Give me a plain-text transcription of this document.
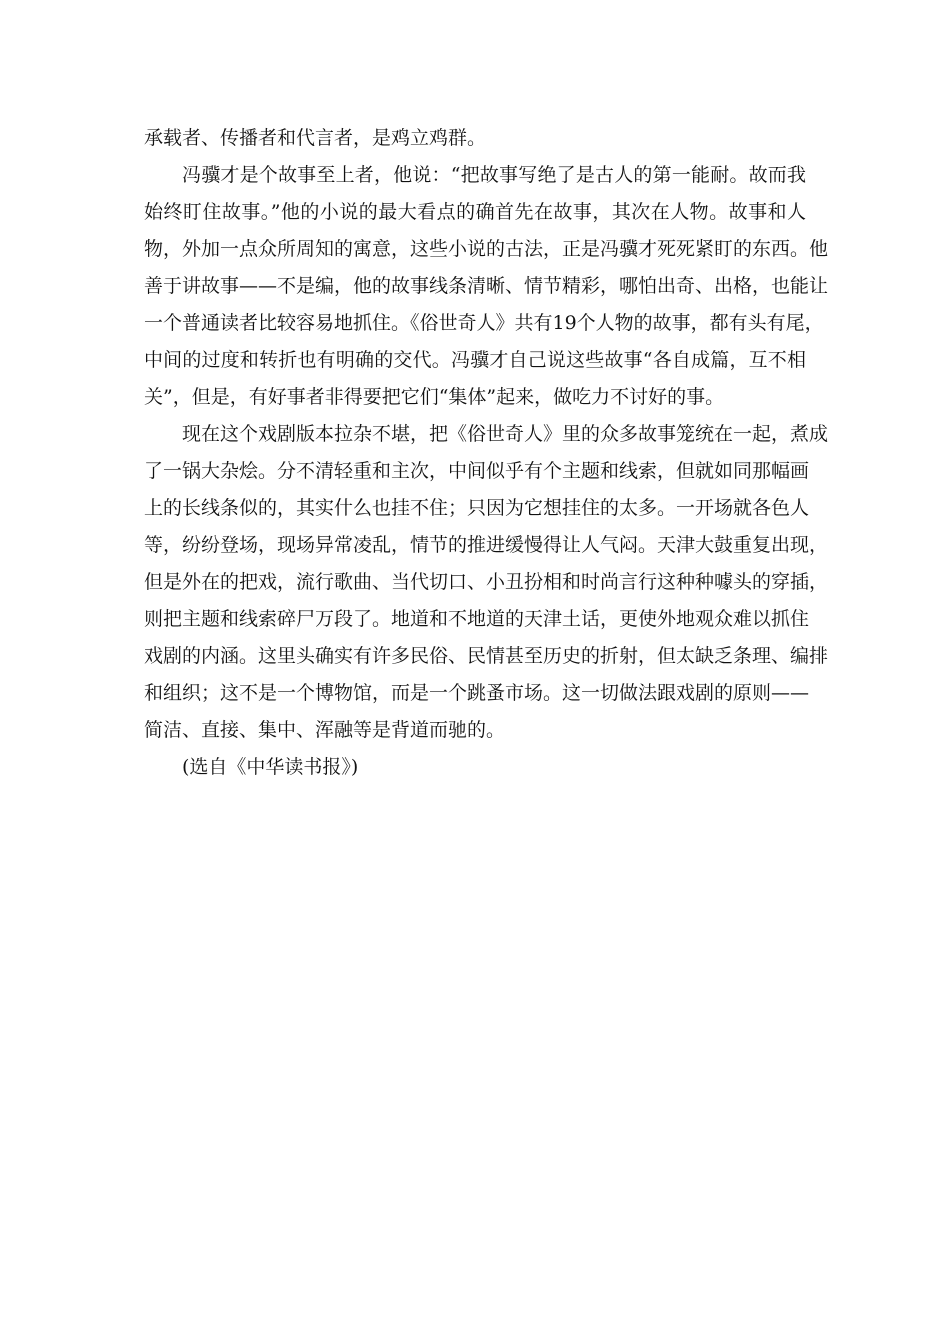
承载者、传播者和代言者，是鸡立鸡群。
冯骥才是个故事至上者，他说：“把故事写绝了是古人的第一能耐。故而我
始终盯住故事。”他的小说的最大看点的确首先在故事，其次在人物。故事和人
物，外加一点众所周知的寓意，这些小说的古法，正是冯骥才死死紧盯的东西。他
善于讲故事——不是编，他的故事线条清晰、情节精彩，哪怕出奇、出格，也能让
一个普通读者比较容易地抓住。《俗世奇人》共有19个人物的故事，都有头有尾，
中间的过度和转折也有明确的交代。冯骥才自己说这些故事“各自成篇，互不相
关”，但是，有好事者非得要把它们“集体”起来，做吃力不讨好的事。
现在这个戏剧版本拉杂不堪，把《俗世奇人》里的众多故事笼统在一起，煮成
了一锅大杂烩。分不清轻重和主次，中间似乎有个主题和线索，但就如同那幅画
上的长线条似的，其实什么也挂不住；只因为它想挂住的太多。一开场就各色人
等，纷纷登场，现场异常凌乱，情节的推进缓慢得让人气闷。天津大鼓重复出现，
但是外在的把戏，流行歌曲、当代切口、小丑扮相和时尚言行这种种噱头的穿插，
则把主题和线索碎尸万段了。地道和不地道的天津土话，更使外地观众难以抓住
戏剧的内涵。这里头确实有许多民俗、民情甚至历史的折射，但太缺乏条理、编排
和组织；这不是一个博物馆，而是一个跳蚤市场。这一切做法跟戏剧的原则——
简洁、直接、集中、浑融等是背道而驰的。
(选自《中华读书报》)
